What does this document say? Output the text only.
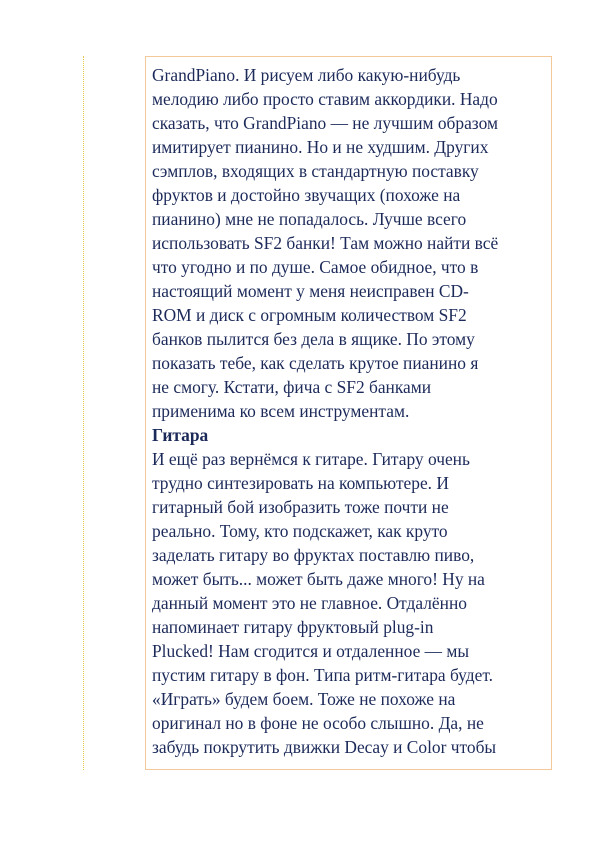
GrandPiano. И рисуем либо какую-нибудь
мелодию либо просто ставим аккордики. Надо
сказать, что GrandPiano — не лучшим образом
имитирует пианино. Но и не худшим. Других
сэмплов, входящих в стандартную поставку
фруктов и достойно звучащих (похоже на
пианино) мне не попадалось. Лучше всего
использовать SF2 банки! Там можно найти всё
что угодно и по душе. Самое обидное, что в
настоящий момент у меня неисправен CD-
ROM и диск с огромным количеством SF2
банков пылится без дела в ящике. По этому
показать тебе, как сделать крутое пианино я
не смогу. Кстати, фича с SF2 банками
применима ко всем инструментам.
Гитара
И ещё раз вернёмся к гитаре. Гитару очень
трудно синтезировать на компьютере. И
гитарный бой изобразить тоже почти не
реально. Тому, кто подскажет, как круто
заделать гитару во фруктах поставлю пиво,
может быть... может быть даже много! Ну на
данный момент это не главное. Отдалённо
напоминает гитару фруктовый plug-in
Plucked! Нам сгодится и отдаленное — мы
пустим гитару в фон. Типа ритм-гитара будет.
«Играть» будем боем. Тоже не похоже на
оригинал но в фоне не особо слышно. Да, не
забудь покрутить движки Decay и Color чтобы
